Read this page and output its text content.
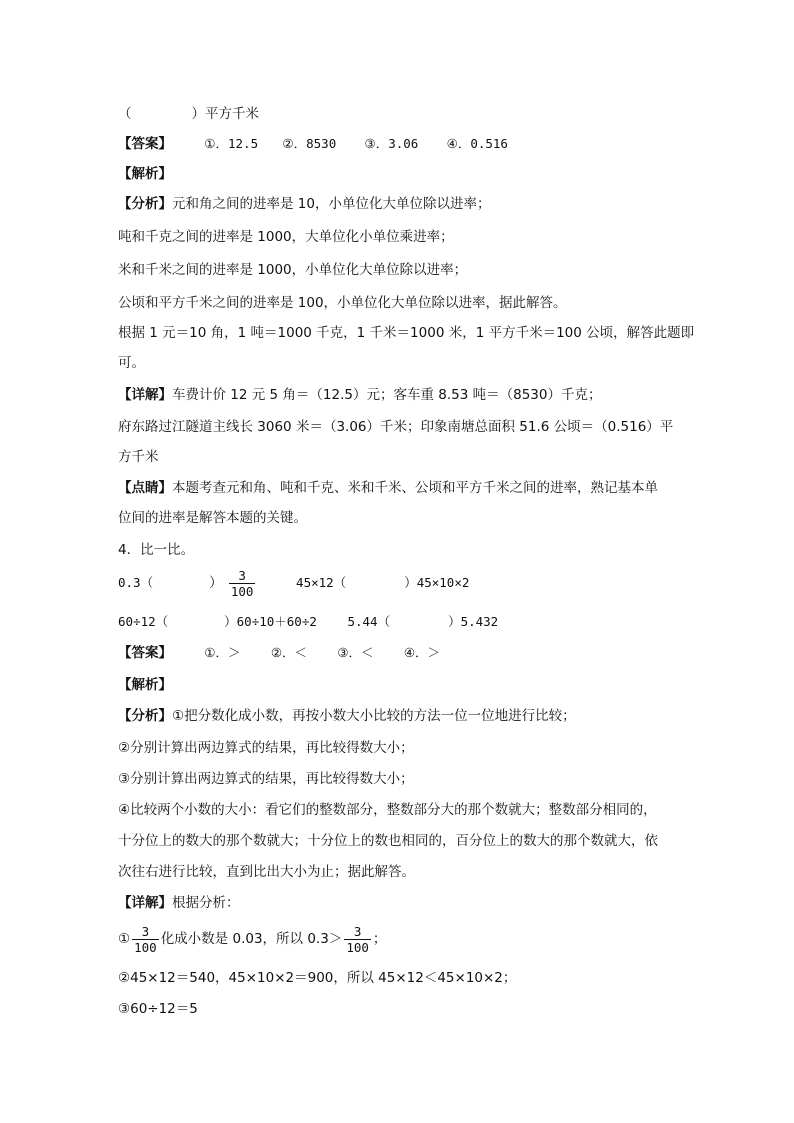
（	）平方千米
【答案】	①．12.5 ②．8530 ③．3.06 ④．0.516
【解析】
【分析】元和角之间的进率是 10，小单位化大单位除以进率；
吨和千克之间的进率是 1000，大单位化小单位乘进率；
米和千米之间的进率是 1000，小单位化大单位除以进率；
公顷和平方千米之间的进率是 100，小单位化大单位除以进率，据此解答。
根据 1 元＝10 角，1 吨＝1000 千克，1 千米＝1000 米，1 平方千米＝100 公顷，解答此题即
可。
【详解】车费计价 12 元 5 角＝（12.5）元；客车重 8.53 吨＝（8530）千克；
府东路过江隧道主线长 3060 米＝（3.06）千米；印象南塘总面积 51.6 公顷＝（0.516）平
方千米
【点睛】本题考查元和角、吨和千克、米和千米、公顷和平方千米之间的进率，熟记基本单
位间的进率是解答本题的关键。
4．比一比。
0.3（	） $\frac{3}{100}$	45×12（	）45×10×2
60÷12（	）60÷10＋60÷2 5.44（	）5.432
【答案】	①．＞ ②．＜ ③．＜ ④．＞
【解析】
【分析】①把分数化成小数，再按小数大小比较的方法一位一位地进行比较；
②分别计算出两边算式的结果，再比较得数大小；
③分别计算出两边算式的结果，再比较得数大小；
④比较两个小数的大小：看它们的整数部分，整数部分大的那个数就大；整数部分相同的，
十分位上的数大的那个数就大；十分位上的数也相同的，百分位上的数大的那个数就大，依
次往右进行比较，直到比出大小为止；据此解答。
【详解】根据分析：
① $\frac{3}{100}$ 化成小数是 0.03，所以 $0.3> \frac{3}{100}$ ；
②45×12＝540，45×10×2＝900，所以 45×12＜45×10×2；
③60÷12＝5
